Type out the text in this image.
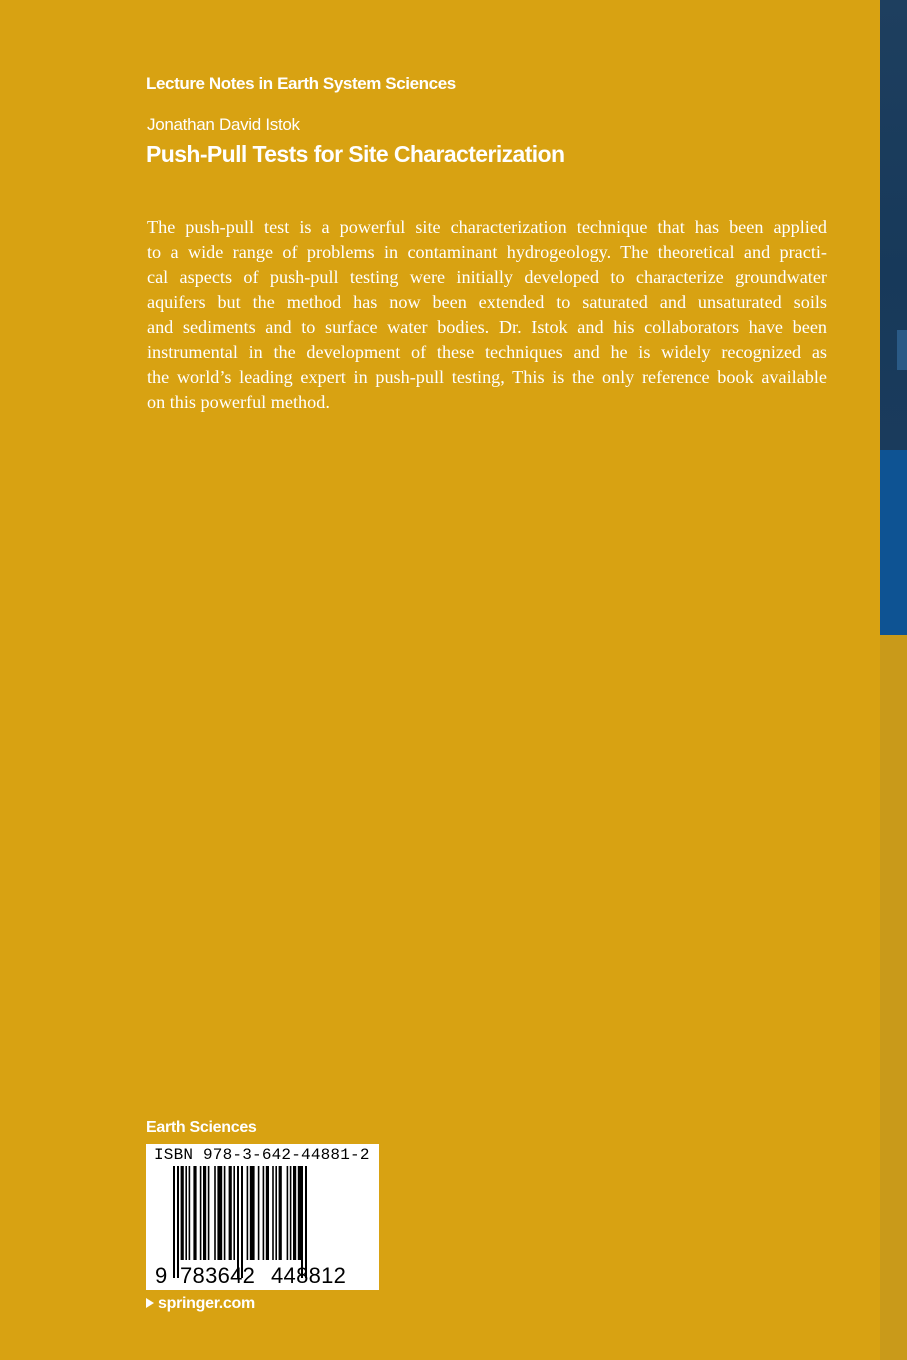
Lecture Notes in Earth System Sciences
Jonathan David Istok
Push-Pull Tests for Site Characterization
The push-pull test is a powerful site characterization technique that has been applied
to a wide range of problems in contaminant hydrogeology. The theoretical and practi-
cal aspects of push-pull testing were initially developed to characterize groundwater
aquifers but the method has now been extended to saturated and unsaturated soils
and sediments and to surface water bodies. Dr. Istok and his collaborators have been
instrumental in the development of these techniques and he is widely recognized as
the world’s leading expert in push-pull testing, This is the only reference book available
on this powerful method.
Earth Sciences
ISBN 978-3-642-44881-2
9 783642 448812
springer.com
